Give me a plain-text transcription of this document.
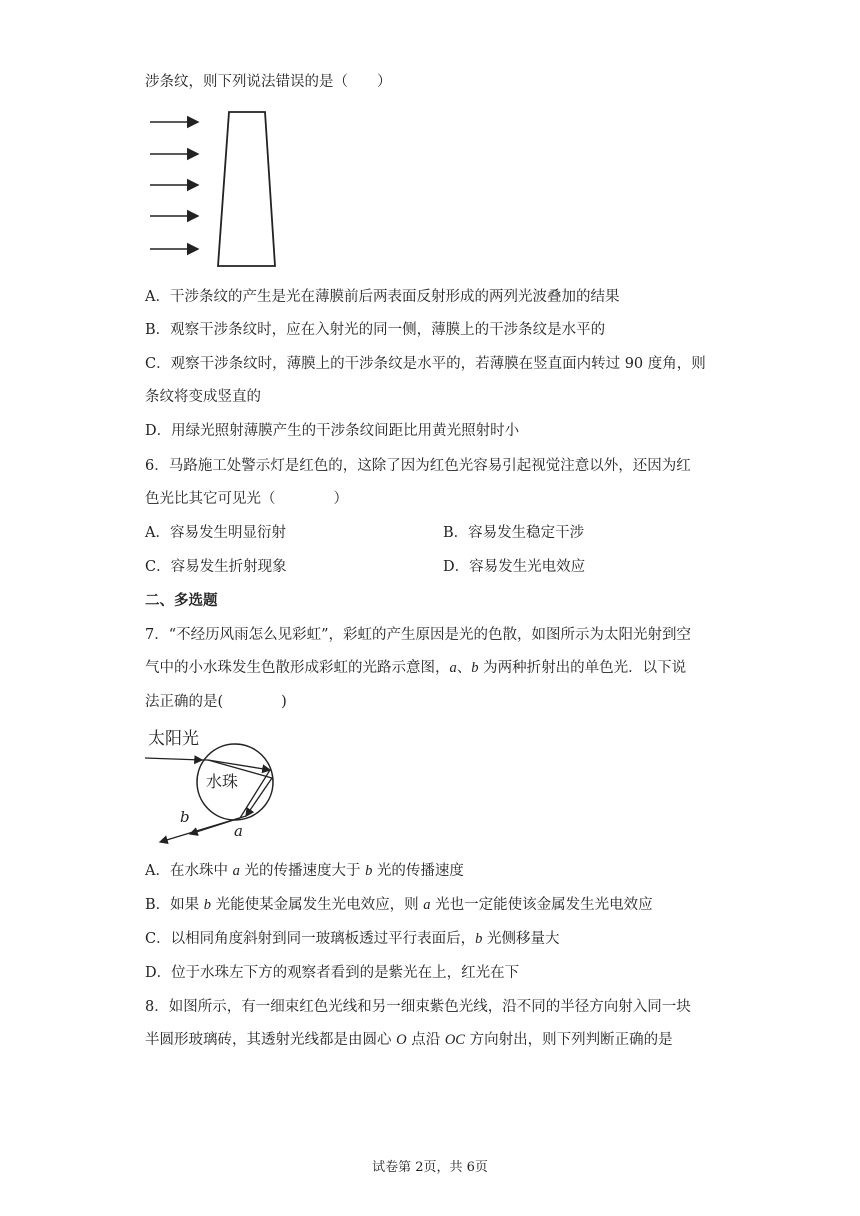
涉条纹，则下列说法错误的是（　　）
A．干涉条纹的产生是光在薄膜前后两表面反射形成的两列光波叠加的结果
B．观察干涉条纹时，应在入射光的同一侧，薄膜上的干涉条纹是水平的
C．观察干涉条纹时，薄膜上的干涉条纹是水平的，若薄膜在竖直面内转过 90 度角，则
条纹将变成竖直的
D．用绿光照射薄膜产生的干涉条纹间距比用黄光照射时小
6．马路施工处警示灯是红色的，这除了因为红色光容易引起视觉注意以外，还因为红
色光比其它可见光（　　　　）
A．容易发生明显衍射	B．容易发生稳定干涉
C．容易发生折射现象	D．容易发生光电效应
二、多选题
7．“不经历风雨怎么见彩虹”，彩虹的产生原因是光的色散，如图所示为太阳光射到空
气中的小水珠发生色散形成彩虹的光路示意图，a、b 为两种折射出的单色光．以下说
法正确的是(　　　　)
太阳光
水珠
b
a
A．在水珠中 a 光的传播速度大于 b 光的传播速度
B．如果 b 光能使某金属发生光电效应，则 a 光也一定能使该金属发生光电效应
C．以相同角度斜射到同一玻璃板透过平行表面后，b 光侧移量大
D．位于水珠左下方的观察者看到的是紫光在上，红光在下
8．如图所示，有一细束红色光线和另一细束紫色光线，沿不同的半径方向射入同一块
半圆形玻璃砖，其透射光线都是由圆心 O 点沿 OC 方向射出，则下列判断正确的是
试卷第 2页，共 6页
